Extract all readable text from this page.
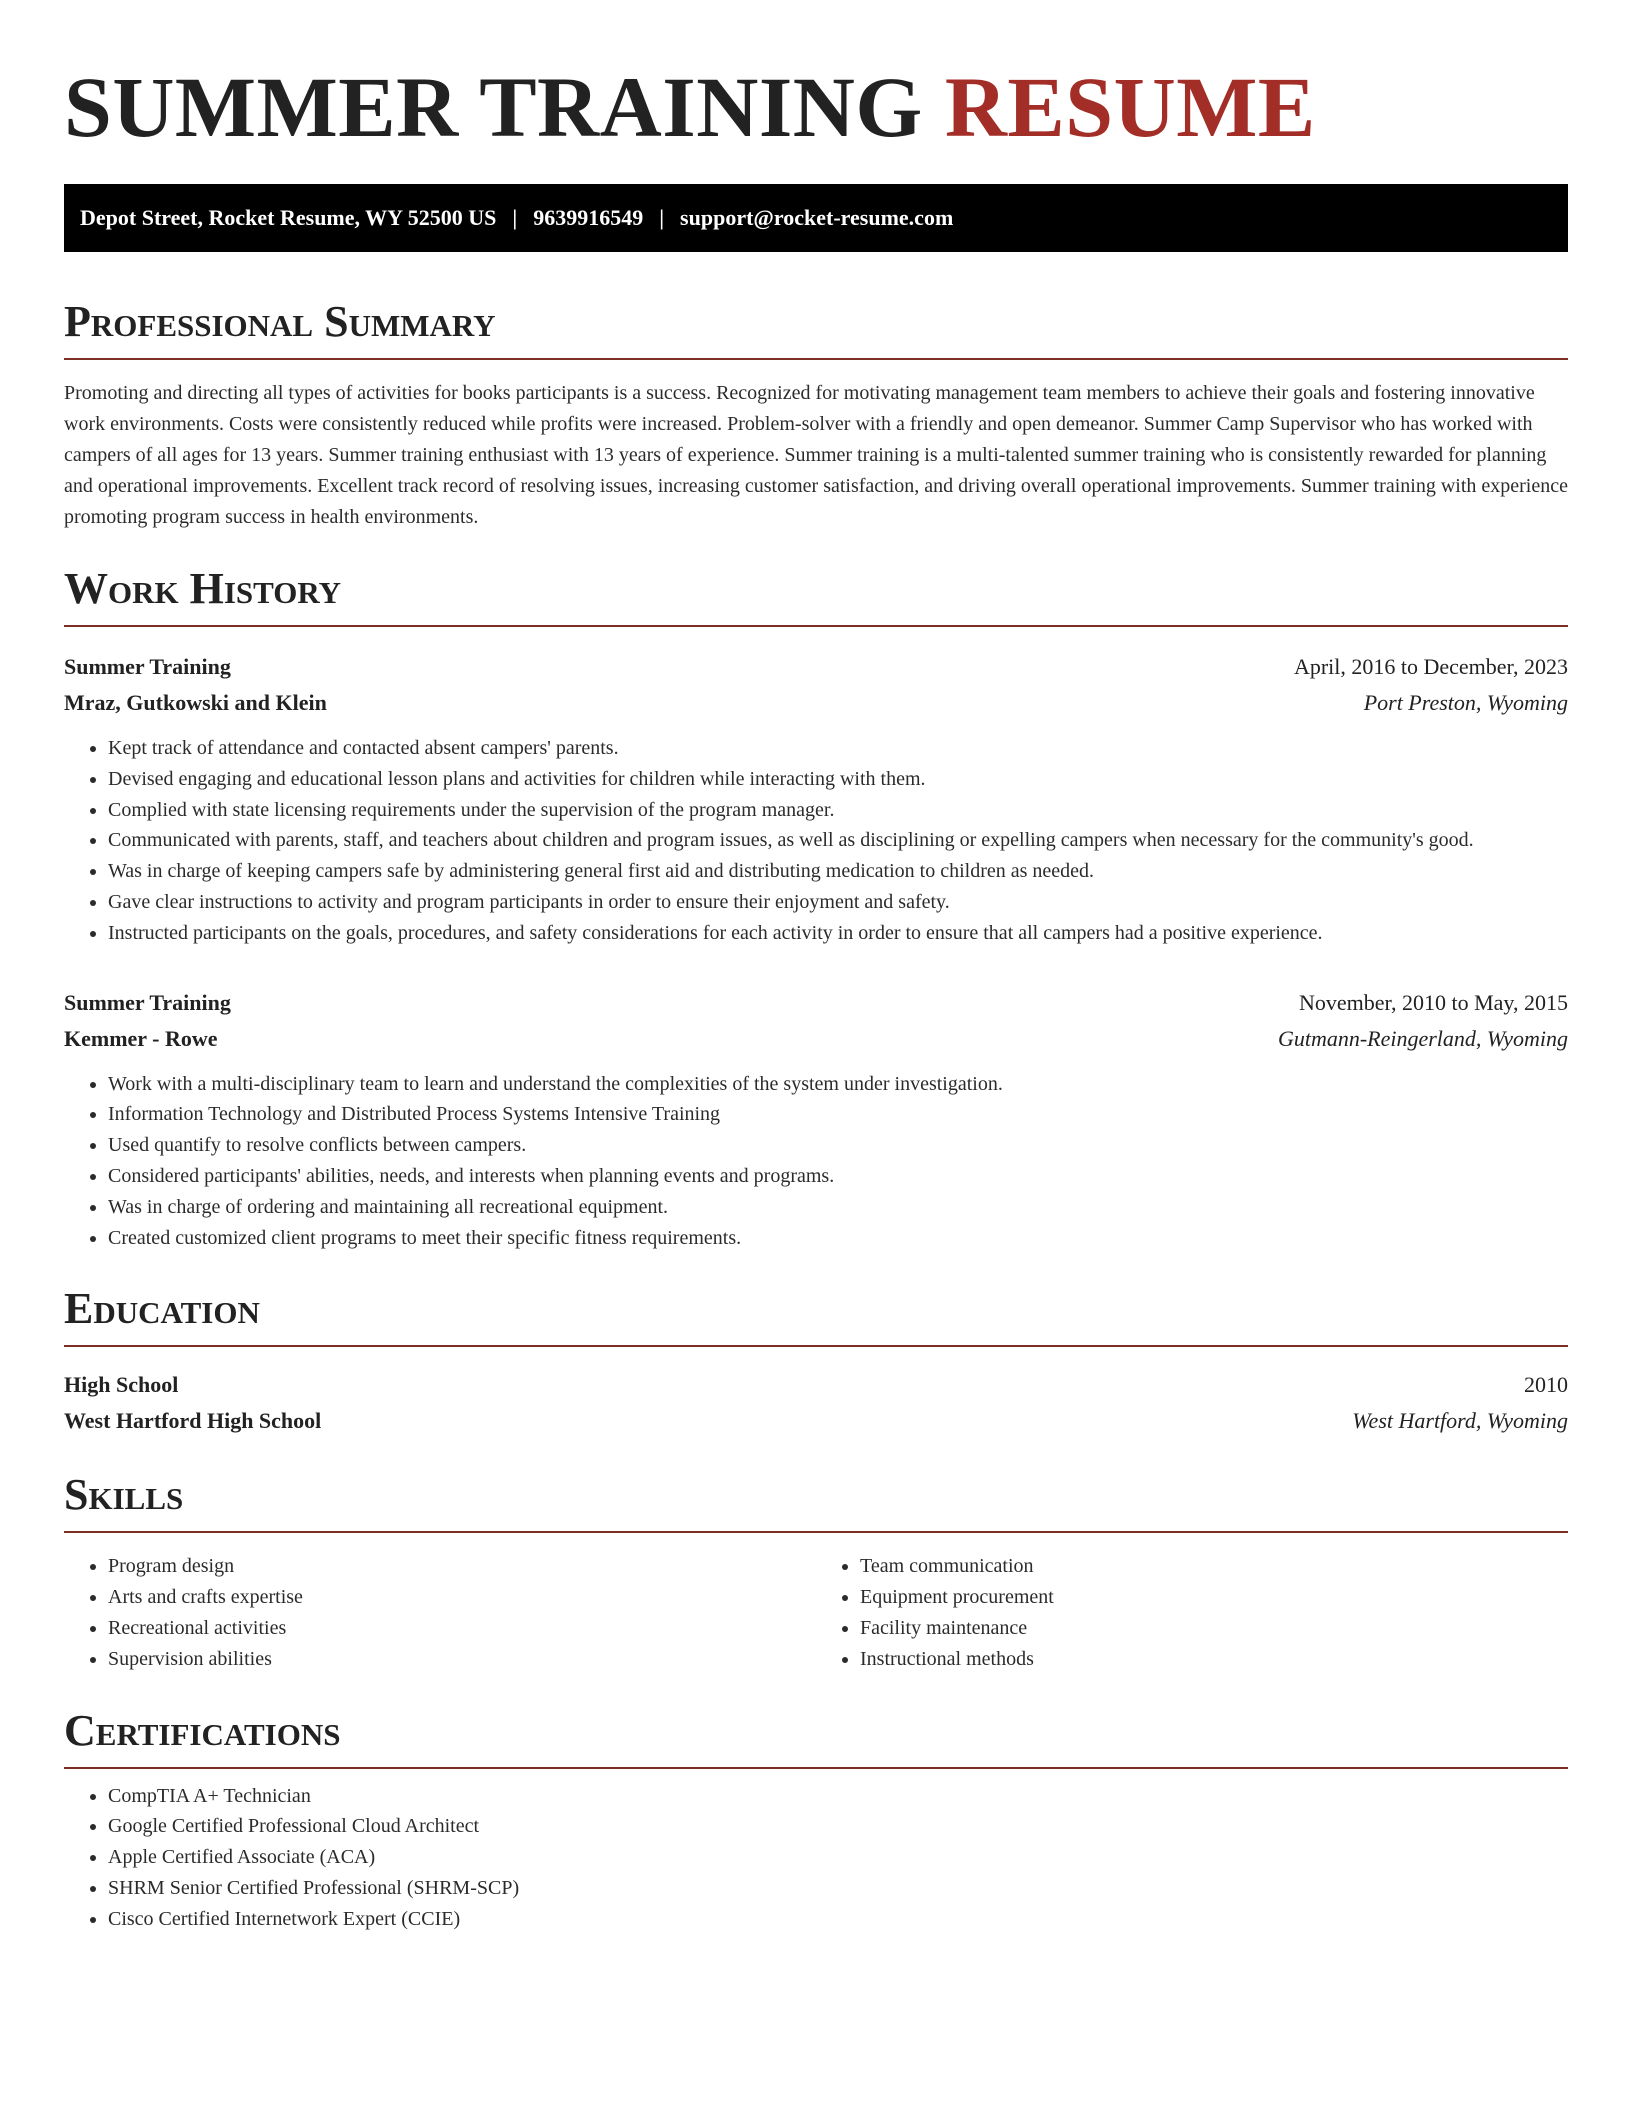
SUMMER TRAINING RESUME
Depot Street, Rocket Resume, WY 52500 US | 9639916549 | support@rocket-resume.com
Professional Summary

Promoting and directing all types of activities for books participants is a success. Recognized for motivating management team members to achieve their goals and fostering innovative work environments. Costs were consistently reduced while profits were increased. Problem-solver with a friendly and open demeanor. Summer Camp Supervisor who has worked with campers of all ages for 13 years. Summer training enthusiast with 13 years of experience. Summer training is a multi-talented summer training who is consistently rewarded for planning and operational improvements. Excellent track record of resolving issues, increasing customer satisfaction, and driving overall operational improvements. Summer training with experience promoting program success in health environments.

Work History
Summer Training	April, 2016 to December, 2023
Mraz, Gutkowski and Klein	Port Preston, Wyoming
• Kept track of attendance and contacted absent campers' parents.
• Devised engaging and educational lesson plans and activities for children while interacting with them.
• Complied with state licensing requirements under the supervision of the program manager.
• Communicated with parents, staff, and teachers about children and program issues, as well as disciplining or expelling campers when necessary for the community's good.
• Was in charge of keeping campers safe by administering general first aid and distributing medication to children as needed.
• Gave clear instructions to activity and program participants in order to ensure their enjoyment and safety.
• Instructed participants on the goals, procedures, and safety considerations for each activity in order to ensure that all campers had a positive experience.
Summer Training	November, 2010 to May, 2015
Kemmer - Rowe	Gutmann-Reingerland, Wyoming
• Work with a multi-disciplinary team to learn and understand the complexities of the system under investigation.
• Information Technology and Distributed Process Systems Intensive Training
• Used quantify to resolve conflicts between campers.
• Considered participants' abilities, needs, and interests when planning events and programs.
• Was in charge of ordering and maintaining all recreational equipment.
• Created customized client programs to meet their specific fitness requirements.
Education
High School	2010
West Hartford High School	West Hartford, Wyoming
Skills
• Program design
• Arts and crafts expertise
• Recreational activities
• Supervision abilities
• Team communication
• Equipment procurement
• Facility maintenance
• Instructional methods
Certifications
• CompTIA A+ Technician
• Google Certified Professional Cloud Architect
• Apple Certified Associate (ACA)
• SHRM Senior Certified Professional (SHRM-SCP)
• Cisco Certified Internetwork Expert (CCIE)
